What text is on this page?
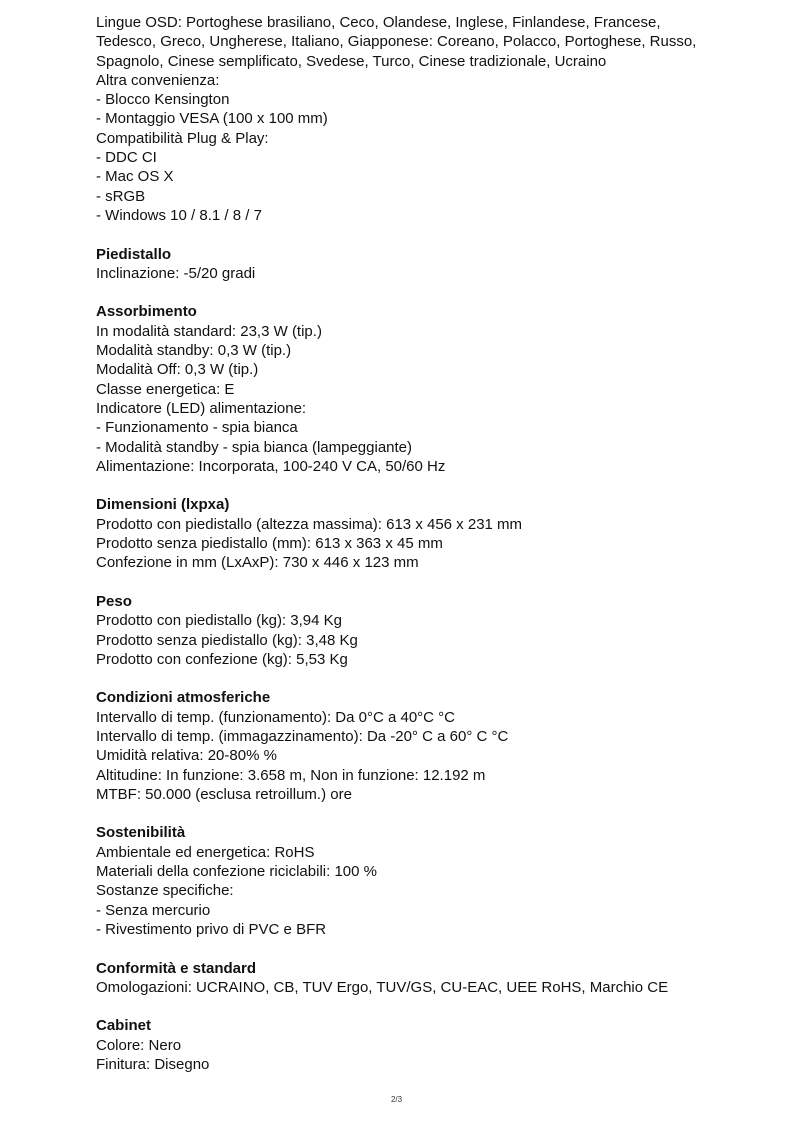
Lingue OSD: Portoghese brasiliano, Ceco, Olandese, Inglese, Finlandese, Francese,
Tedesco, Greco, Ungherese, Italiano, Giapponese: Coreano, Polacco, Portoghese, Russo,
Spagnolo, Cinese semplificato, Svedese, Turco, Cinese tradizionale, Ucraino
Altra convenienza:
- Blocco Kensington
- Montaggio VESA (100 x 100 mm)
Compatibilità Plug & Play:
- DDC CI
- Mac OS X
- sRGB
- Windows 10 / 8.1 / 8 / 7
Piedistallo
Inclinazione: -5/20 gradi
Assorbimento
In modalità standard: 23,3 W (tip.)
Modalità standby: 0,3 W (tip.)
Modalità Off: 0,3 W (tip.)
Classe energetica: E
Indicatore (LED) alimentazione:
- Funzionamento - spia bianca
- Modalità standby - spia bianca (lampeggiante)
Alimentazione: Incorporata, 100-240 V CA, 50/60 Hz
Dimensioni (lxpxa)
Prodotto con piedistallo (altezza massima): 613 x 456 x 231 mm
Prodotto senza piedistallo (mm): 613 x 363 x 45 mm
Confezione in mm (LxAxP): 730 x 446 x 123 mm
Peso
Prodotto con piedistallo (kg): 3,94 Kg
Prodotto senza piedistallo (kg): 3,48 Kg
Prodotto con confezione (kg): 5,53 Kg
Condizioni atmosferiche
Intervallo di temp. (funzionamento): Da 0°C a 40°C °C
Intervallo di temp. (immagazzinamento): Da -20° C a 60° C °C
Umidità relativa: 20-80% %
Altitudine: In funzione: 3.658 m, Non in funzione: 12.192 m
MTBF: 50.000 (esclusa retroillum.) ore
Sostenibilità
Ambientale ed energetica: RoHS
Materiali della confezione riciclabili: 100 %
Sostanze specifiche:
- Senza mercurio
- Rivestimento privo di PVC e BFR
Conformità e standard
Omologazioni: UCRAINO, CB, TUV Ergo, TUV/GS, CU-EAC, UEE RoHS, Marchio CE
Cabinet
Colore: Nero
Finitura: Disegno
2/3
